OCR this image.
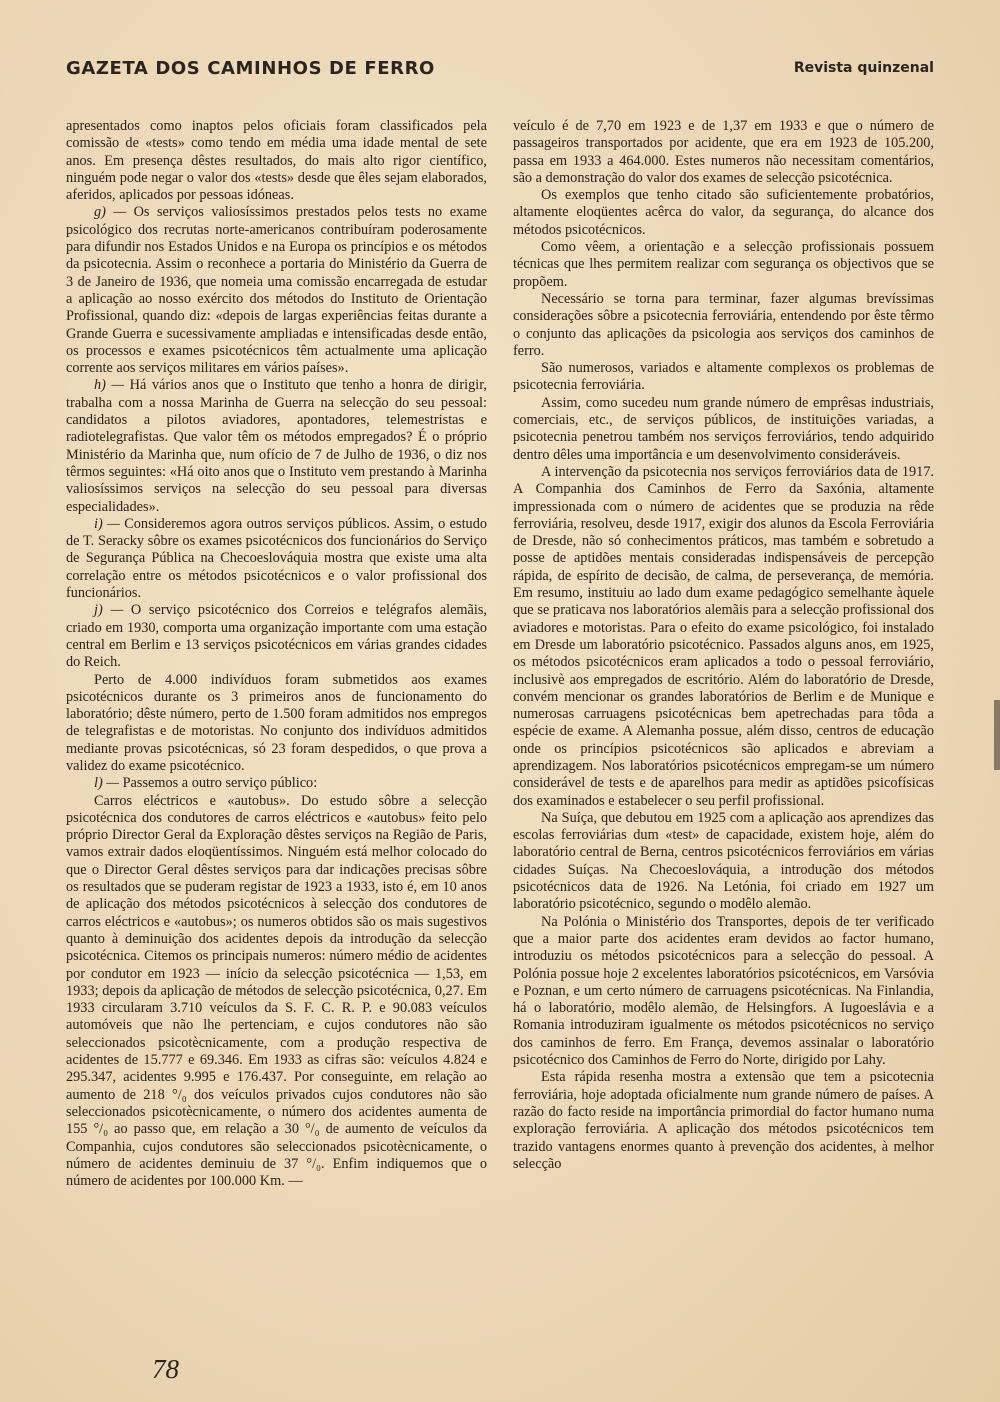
GAZETA DOS CAMINHOS DE FERRO	Revista quinzenal

apresentados como inaptos pelos oficiais foram classificados pela comissão de «tests» como tendo em média uma idade mental de sete anos. Em presença dêstes resultados, do mais alto rigor científico, ninguém pode negar o valor dos «tests» desde que êles sejam elaborados, aferidos, aplicados por pessoas idóneas.

g) — Os serviços valiosíssimos prestados pelos tests no exame psicológico dos recrutas norte-americanos contribuíram poderosamente para difundir nos Estados Unidos e na Europa os princípios e os métodos da psicotecnia. Assim o reconhece a portaria do Ministério da Guerra de 3 de Janeiro de 1936, que nomeia uma comissão encarregada de estudar a aplicação ao nosso exército dos métodos do Instituto de Orientação Profissional, quando diz: «depois de largas experiências feitas durante a Grande Guerra e sucessivamente ampliadas e intensificadas desde então, os processos e exames psicotécnicos têm actualmente uma aplicação corrente aos serviços militares em vários países».

h) — Há vários anos que o Instituto que tenho a honra de dirigir, trabalha com a nossa Marinha de Guerra na selecção do seu pessoal: candidatos a pilotos aviadores, apontadores, telemestristas e radiotelegrafistas. Que valor têm os métodos empregados? É o próprio Ministério da Marinha que, num ofício de 7 de Julho de 1936, o diz nos têrmos seguintes: «Há oito anos que o Instituto vem prestando à Marinha valiosíssimos serviços na selecção do seu pessoal para diversas especialidades».

i) — Consideremos agora outros serviços públicos. Assim, o estudo de T. Seracky sôbre os exames psicotécnicos dos funcionários do Serviço de Segurança Pública na Checoeslováquia mostra que existe uma alta correlação entre os métodos psicotécnicos e o valor profissional dos funcionários.

j) — O serviço psicotécnico dos Correios e telégrafos alemãis, criado em 1930, comporta uma organização importante com uma estação central em Berlim e 13 serviços psicotécnicos em várias grandes cidades do Reich.

Perto de 4.000 indivíduos foram submetidos aos exames psicotécnicos durante os 3 primeiros anos de funcionamento do laboratório; dêste número, perto de 1.500 foram admitidos nos empregos de telegrafistas e de motoristas. No conjunto dos indivíduos admitidos mediante provas psicotécnicas, só 23 foram despedidos, o que prova a validez do exame psicotécnico.

l) — Passemos a outro serviço público:

Carros eléctricos e «autobus». Do estudo sôbre a selecção psicotécnica dos condutores de carros eléctricos e «autobus» feito pelo próprio Director Geral da Exploração dêstes serviços na Região de Paris, vamos extrair dados eloqüentíssimos. Ninguém está melhor colocado do que o Director Geral dêstes serviços para dar indicações precisas sôbre os resultados que se puderam registar de 1923 a 1933, isto é, em 10 anos de aplicação dos métodos psicotécnicos à selecção dos condutores de carros eléctricos e «autobus»; os numeros obtidos são os mais sugestivos quanto à deminuição dos acidentes depois da introdução da selecção psicotécnica. Citemos os principais numeros: número médio de acidentes por condutor em 1923 — início da selecção psicotécnica — 1,53, em 1933; depois da aplicação de métodos de selecção psicotécnica, 0,27. Em 1933 circularam 3.710 veículos da S. F. C. R. P. e 90.083 veículos automóveis que não lhe pertenciam, e cujos condutores não são seleccionados psicotècnicamente, com a produção respectiva de acidentes de 15.777 e 69.346. Em 1933 as cifras são: veículos 4.824 e 295.347, acidentes 9.995 e 176.437. Por conseguinte, em relação ao aumento de 218 °/₀ dos veículos privados cujos condutores não são seleccionados psicotècnicamente, o número dos acidentes aumenta de 155 °/₀ ao passo que, em relação a 30 °/₀ de aumento de veículos da Companhia, cujos condutores são seleccionados psicotècnicamente, o número de acidentes deminuiu de 37 °/₀. Enfim indiquemos que o número de acidentes por 100.000 Km. —

veículo é de 7,70 em 1923 e de 1,37 em 1933 e que o número de passageiros transportados por acidente, que era em 1923 de 105.200, passa em 1933 a 464.000. Estes numeros não necessitam comentários, são a demonstração do valor dos exames de selecção psicotécnica.

Os exemplos que tenho citado são suficientemente probatórios, altamente eloqüentes acêrca do valor, da segurança, do alcance dos métodos psicotécnicos.

Como vêem, a orientação e a selecção profissionais possuem técnicas que lhes permitem realizar com segurança os objectivos que se propõem.

Necessário se torna para terminar, fazer algumas brevíssimas considerações sôbre a psicotecnia ferroviária, entendendo por êste têrmo o conjunto das aplicações da psicologia aos serviços dos caminhos de ferro.

São numerosos, variados e altamente complexos os problemas de psicotecnia ferroviária.

Assim, como sucedeu num grande número de emprêsas industriais, comerciais, etc., de serviços públicos, de instituições variadas, a psicotecnia penetrou também nos serviços ferroviários, tendo adquirido dentro dêles uma importância e um desenvolvimento consideráveis.

A intervenção da psicotecnia nos serviços ferroviários data de 1917. A Companhia dos Caminhos de Ferro da Saxónia, altamente impressionada com o número de acidentes que se produzia na rêde ferroviária, resolveu, desde 1917, exigir dos alunos da Escola Ferroviária de Dresde, não só conhecimentos práticos, mas também e sobretudo a posse de aptidões mentais consideradas indispensáveis de percepção rápida, de espírito de decisão, de calma, de perseverança, de memória. Em resumo, instituiu ao lado dum exame pedagógico semelhante àquele que se praticava nos laboratórios alemãis para a selecção profissional dos aviadores e motoristas. Para o efeito do exame psicológico, foi instalado em Dresde um laboratório psicotécnico. Passados alguns anos, em 1925, os métodos psicotécnicos eram aplicados a todo o pessoal ferroviário, inclusivè aos empregados de escritório. Além do laboratório de Dresde, convém mencionar os grandes laboratórios de Berlim e de Munique e numerosas carruagens psicotécnicas bem apetrechadas para tôda a espécie de exame. A Alemanha possue, além disso, centros de educação onde os princípios psicotécnicos são aplicados e abreviam a aprendizagem. Nos laboratórios psicotécnicos empregam-se um número considerável de tests e de aparelhos para medir as aptidões psicofísicas dos examinados e estabelecer o seu perfil profissional.

Na Suíça, que debutou em 1925 com a aplicação aos aprendizes das escolas ferroviárias dum «test» de capacidade, existem hoje, além do laboratório central de Berna, centros psicotécnicos ferroviários em várias cidades Suíças. Na Checoeslováquia, a introdução dos métodos psicotécnicos data de 1926. Na Letónia, foi criado em 1927 um laboratório psicotécnico, segundo o modêlo alemão.

Na Polónia o Ministério dos Transportes, depois de ter verificado que a maior parte dos acidentes eram devidos ao factor humano, introduziu os métodos psicotécnicos para a selecção do pessoal. A Polónia possue hoje 2 excelentes laboratórios psicotécnicos, em Varsóvia e Poznan, e um certo número de carruagens psicotécnicas. Na Finlandia, há o laboratório, modêlo alemão, de Helsingfors. A Iugoeslávia e a Romania introduziram igualmente os métodos psicotécnicos no serviço dos caminhos de ferro. Em França, devemos assinalar o laboratório psicotécnico dos Caminhos de Ferro do Norte, dirigido por Lahy.

Esta rápida resenha mostra a extensão que tem a psicotecnia ferroviária, hoje adoptada oficialmente num grande número de países. A razão do facto reside na importância primordial do factor humano numa exploração ferroviária. A aplicação dos métodos psicotécnicos tem trazido vantagens enormes quanto à prevenção dos acidentes, à melhor selecção

78
